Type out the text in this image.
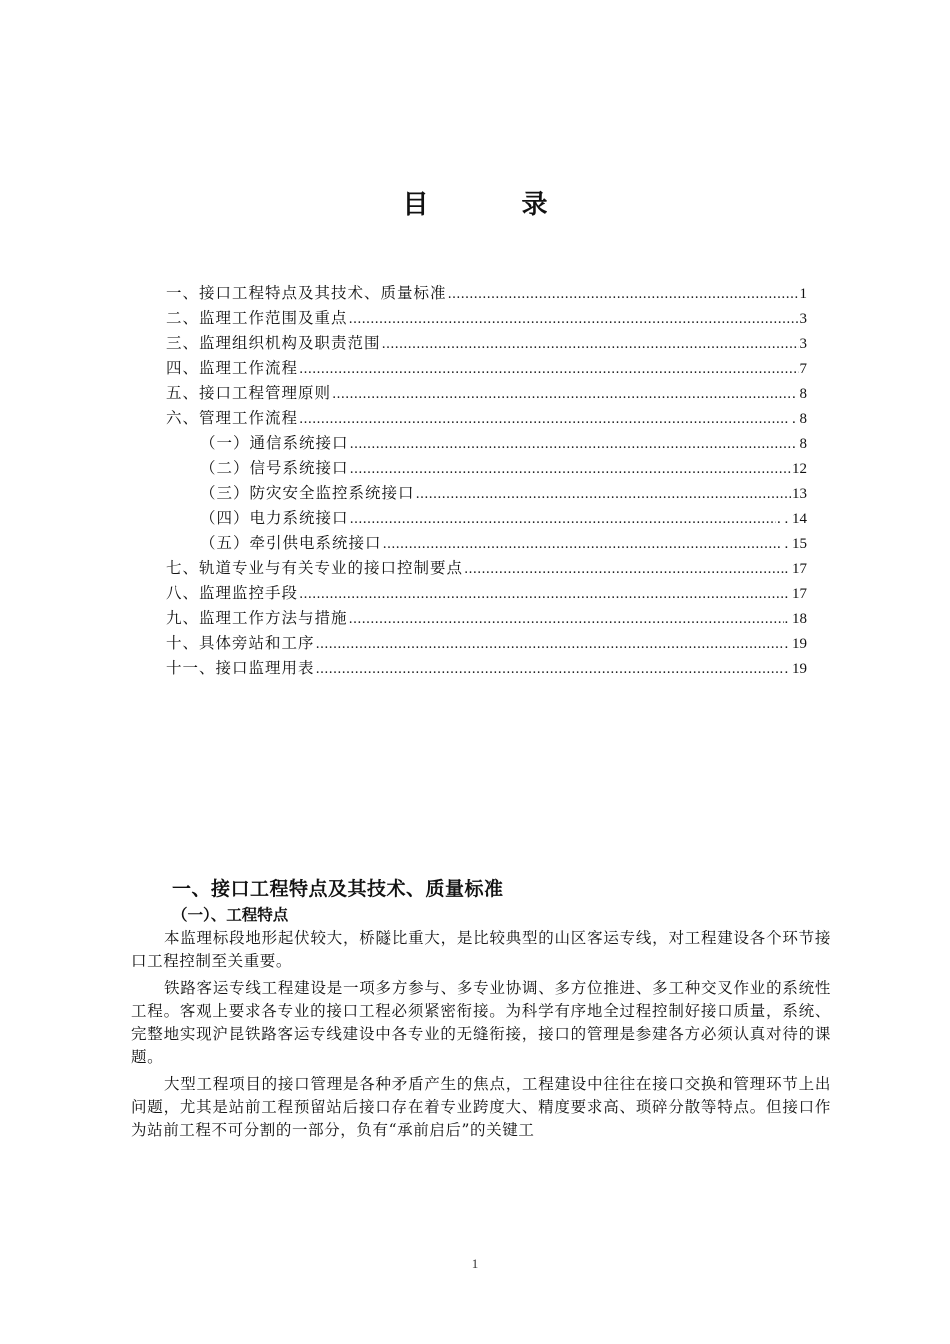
目 录
一、接口工程特点及其技术、质量标准 ……………………………………………………………………………………………………………………………………………………	1
二、监理工作范围及重点 ……………………………………………………………………………………………………………………………………………………	3
三、监理组织机构及职责范围 ……………………………………………………………………………………………………………………………………………………	3
四、监理工作流程 ……………………………………………………………………………………………………………………………………………………	7
五、接口工程管理原则 ……………………………………………………………………………………………………………………………………………………	. 8
六、管理工作流程 ……………………………………………………………………………………………………………………………………………………	. . 8
（一）通信系统接口 ……………………………………………………………………………………………………………………………………………………	. 8
（二）信号系统接口 ……………………………………………………………………………………………………………………………………………………	12
（三）防灾安全监控系统接口 ……………………………………………………………………………………………………………………………………………………	13
（四）电力系统接口 ……………………………………………………………………………………………………………………………………………………	. . 14
（五）牵引供电系统接口 ……………………………………………………………………………………………………………………………………………………	. . 15
七、轨道专业与有关专业的接口控制要点 ……………………………………………………………………………………………………………………………………………………	. 17
八、监理监控手段 ……………………………………………………………………………………………………………………………………………………	. 17
九、监理工作方法与措施 ……………………………………………………………………………………………………………………………………………………	. 18
十、具体旁站和工序 ……………………………………………………………………………………………………………………………………………………	. 19
十一、接口监理用表 ……………………………………………………………………………………………………………………………………………………	. 19
一、接口工程特点及其技术、质量标准
（一）、工程特点

本监理标段地形起伏较大，桥隧比重大，是比较典型的山区客运专线，对工程建设各个环节接口工程控制至关重要。

铁路客运专线工程建设是一项多方参与、多专业协调、多方位推进、多工种交叉作业的系统性工程。客观上要求各专业的接口工程必须紧密衔接。为科学有序地全过程控制好接口质量，系统、完整地实现沪昆铁路客运专线建设中各专业的无缝衔接，接口的管理是参建各方必须认真对待的课题。

大型工程项目的接口管理是各种矛盾产生的焦点，工程建设中往往在接口交换和管理环节上出问题，尤其是站前工程预留站后接口存在着专业跨度大、精度要求高、琐碎分散等特点。但接口作为站前工程不可分割的一部分，负有“承前启后”的关键工

1
